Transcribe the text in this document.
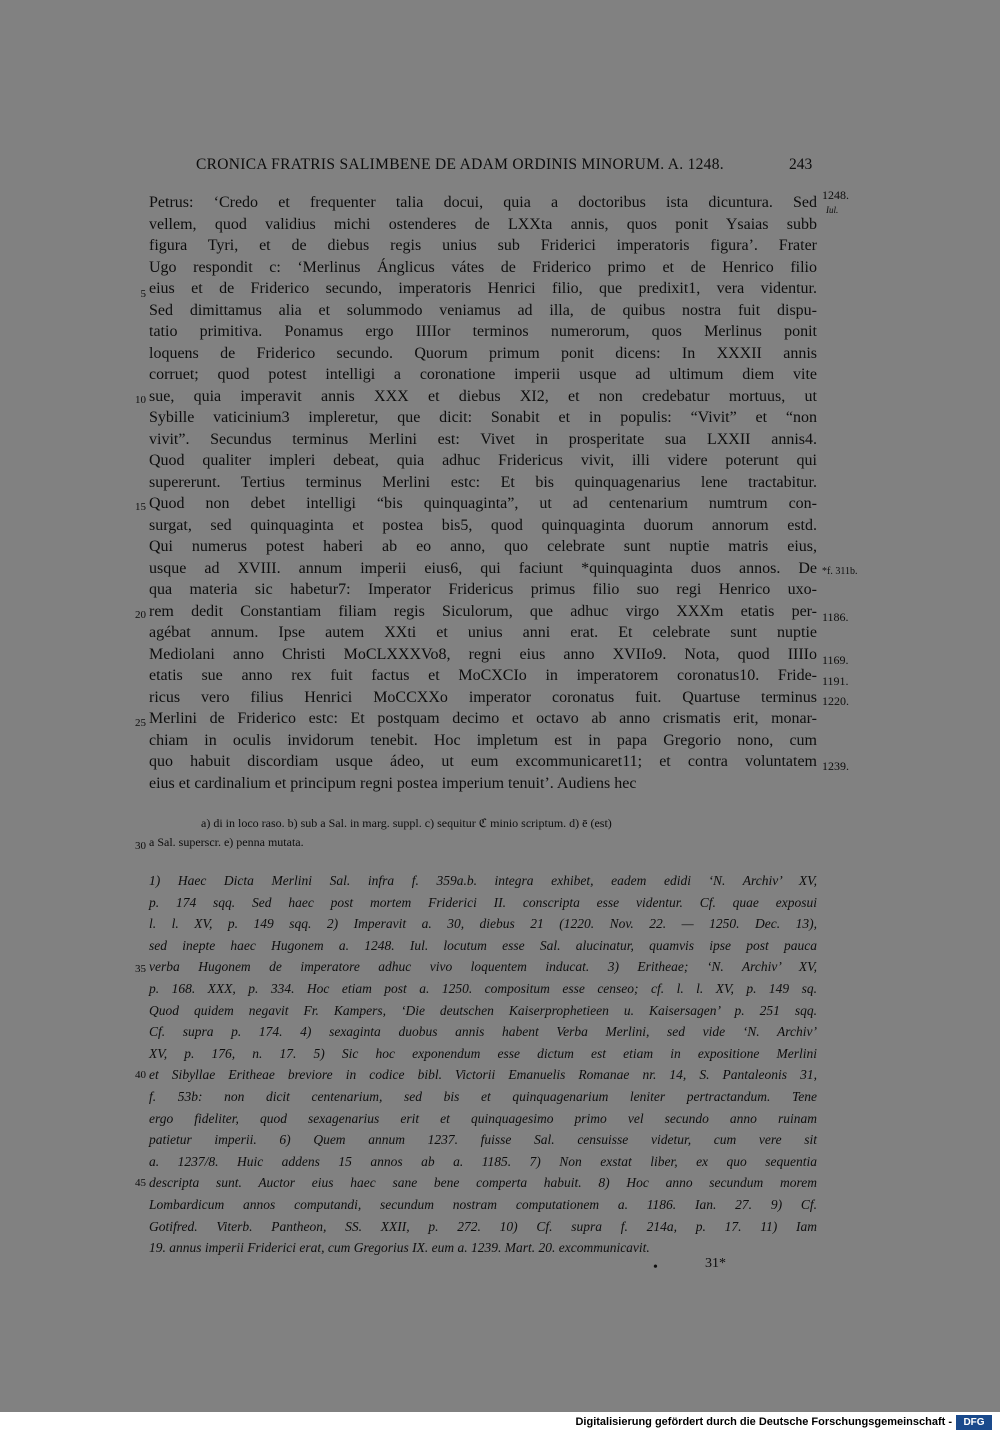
CRONICA FRATRIS SALIMBENE DE ADAM ORDINIS MINORUM. A. 1248.	243
1248.
Iul.
*f. 311b.
1186.
1169.
1191.
1220.
1239.
5
10
15
20
25
30
35
40
45
Petrus: ‘Credo et frequenter talia docui, quia a doctoribus ista dicuntura. Sed
vellem, quod validius michi ostenderes de LXXta annis, quos ponit Ysaias subb
figura Tyri, et de diebus regis unius sub Friderici imperatoris figura’. Frater
Ugo respondit c: ‘Merlinus Ánglicus vátes de Friderico primo et de Henrico filio
eius et de Friderico secundo, imperatoris Henrici filio, que predixit1, vera videntur.
Sed dimittamus alia et solummodo veniamus ad illa, de quibus nostra fuit dispu-
tatio primitiva. Ponamus ergo IIIIor terminos numerorum, quos Merlinus ponit
loquens de Friderico secundo. Quorum primum ponit dicens: In XXXII annis
corruet; quod potest intelligi a coronatione imperii usque ad ultimum diem vite
sue, quia imperavit annis XXX et diebus XI2, et non credebatur mortuus, ut
Sybille vaticinium3 impleretur, que dicit: Sonabit et in populis: “Vivit” et “non
vivit”. Secundus terminus Merlini est: Vivet in prosperitate sua LXXII annis4.
Quod qualiter impleri debeat, quia adhuc Fridericus vivit, illi videre poterunt qui
supererunt. Tertius terminus Merlini estc: Et bis quinquagenarius lene tractabitur.
Quod non debet intelligi “bis quinquaginta”, ut ad centenarium numtrum con-
surgat, sed quinquaginta et postea bis5, quod quinquaginta duorum annorum estd.
Qui numerus potest haberi ab eo anno, quo celebrate sunt nuptie matris eius,
usque ad XVIII. annum imperii eius6, qui faciunt *quinquaginta duos annos. De
qua materia sic habetur7: Imperator Fridericus primus filio suo regi Henrico uxo-
rem dedit Constantiam filiam regis Siculorum, que adhuc virgo XXXm etatis per-
agébat annum. Ipse autem XXti et unius anni erat. Et celebrate sunt nuptie
Mediolani anno Christi MoCLXXXVo8, regni eius anno XVIIo9. Nota, quod IIIIo
etatis sue anno rex fuit factus et MoCXCIo in imperatorem coronatus10. Fride-
ricus vero filius Henrici MoCCXXo imperator coronatus fuit. Quartuse terminus
Merlini de Friderico estc: Et postquam decimo et octavo ab anno crismatis erit, monar-
chiam in oculis invidorum tenebit. Hoc impletum est in papa Gregorio nono, cum
quo habuit discordiam usque ádeo, ut eum excommunicaret11; et contra voluntatem
eius et cardinalium et principum regni postea imperium tenuit’. Audiens hec
a) di in loco raso. b) sub a Sal. in marg. suppl. c) sequitur ℭ minio scriptum. d) ē (est)
a Sal. superscr. e) penna mutata.
1) Haec Dicta Merlini Sal. infra f. 359a.b. integra exhibet, eadem edidi ‘N. Archiv’ XV,
p. 174 sqq. Sed haec post mortem Friderici II. conscripta esse videntur. Cf. quae exposui
l. l. XV, p. 149 sqq. 2) Imperavit a. 30, diebus 21 (1220. Nov. 22. — 1250. Dec. 13),
sed inepte haec Hugonem a. 1248. Iul. locutum esse Sal. alucinatur, quamvis ipse post pauca
verba Hugonem de imperatore adhuc vivo loquentem inducat. 3) Eritheae; ‘N. Archiv’ XV,
p. 168. XXX, p. 334. Hoc etiam post a. 1250. compositum esse censeo; cf. l. l. XV, p. 149 sq.
Quod quidem negavit Fr. Kampers, ‘Die deutschen Kaiserprophetieen u. Kaisersagen’ p. 251 sqq.
Cf. supra p. 174. 4) sexaginta duobus annis habent Verba Merlini, sed vide ‘N. Archiv’
XV, p. 176, n. 17. 5) Sic hoc exponendum esse dictum est etiam in expositione Merlini
et Sibyllae Eritheae breviore in codice bibl. Victorii Emanuelis Romanae nr. 14, S. Pantaleonis 31,
f. 53b: non dicit centenarium, sed bis et quinquagenarium leniter pertractandum. Tene
ergo fideliter, quod sexagenarius erit et quinquagesimo primo vel secundo anno ruinam
patietur imperii. 6) Quem annum 1237. fuisse Sal. censuisse videtur, cum vere sit
a. 1237/8. Huic addens 15 annos ab a. 1185. 7) Non exstat liber, ex quo sequentia
descripta sunt. Auctor eius haec sane bene comperta habuit. 8) Hoc anno secundum morem
Lombardicum annos computandi, secundum nostram computationem a. 1186. Ian. 27. 9) Cf.
Gotifred. Viterb. Pantheon, SS. XXII, p. 272. 10) Cf. supra f. 214a, p. 17. 11) Iam
19. annus imperii Friderici erat, cum Gregorius IX. eum a. 1239. Mart. 20. excommunicavit.
31*
•
Digitalisierung gefördert durch die Deutsche Forschungsgemeinschaft -	DFG
